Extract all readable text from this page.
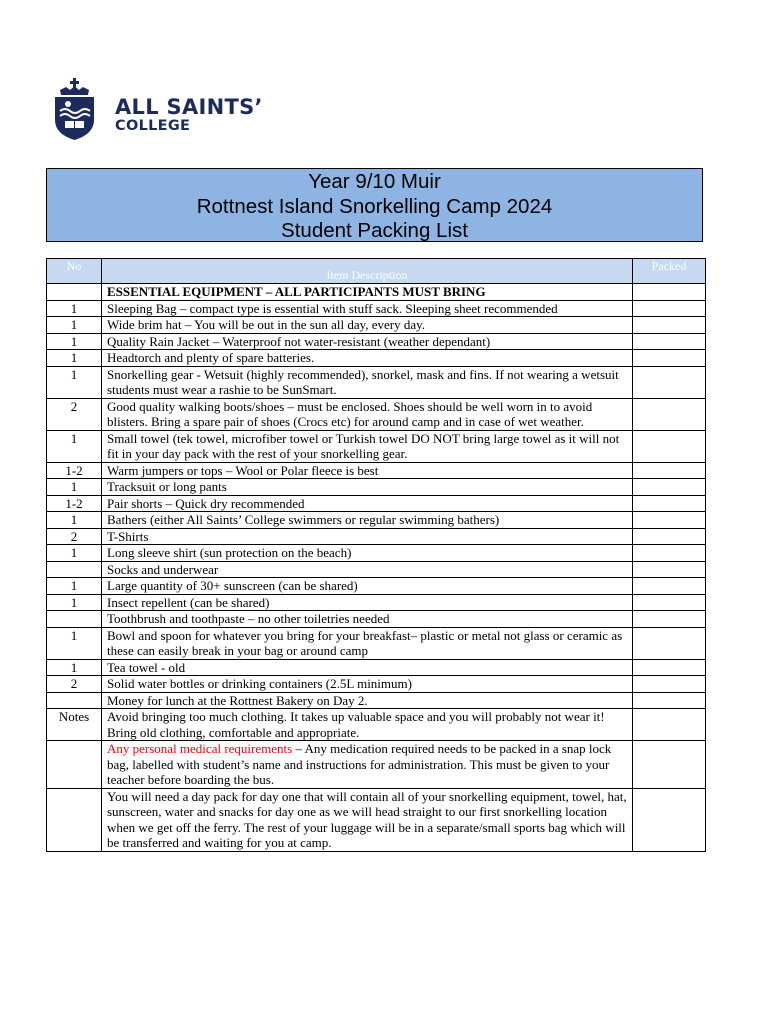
ALL SAINTS’
COLLEGE
Year 9/10 Muir
Rottnest Island Snorkelling Camp 2024
Student Packing List
No	Item Description	Packed
	ESSENTIAL EQUIPMENT – ALL PARTICIPANTS MUST BRING	
1	Sleeping Bag – compact type is essential with stuff sack. Sleeping sheet recommended	
1	Wide brim hat – You will be out in the sun all day, every day.	
1	Quality Rain Jacket – Waterproof not water-resistant (weather dependant)	
1	Headtorch and plenty of spare batteries.	
1	Snorkelling gear - Wetsuit (highly recommended), snorkel, mask and fins. If not wearing a wetsuit students must wear a rashie to be SunSmart.	
2	Good quality walking boots/shoes – must be enclosed. Shoes should be well worn in to avoid blisters. Bring a spare pair of shoes (Crocs etc) for around camp and in case of wet weather.	
1	Small towel (tek towel, microfiber towel or Turkish towel DO NOT bring large towel as it will not fit in your day pack with the rest of your snorkelling gear.	
1-2	Warm jumpers or tops – Wool or Polar fleece is best	
1	Tracksuit or long pants	
1-2	Pair shorts – Quick dry recommended	
1	Bathers (either All Saints’ College swimmers or regular swimming bathers)	
2	T-Shirts	
1	Long sleeve shirt (sun protection on the beach)	
	Socks and underwear	
1	Large quantity of 30+ sunscreen (can be shared)	
1	Insect repellent (can be shared)	
	Toothbrush and toothpaste – no other toiletries needed	
1	Bowl and spoon for whatever you bring for your breakfast– plastic or metal not glass or ceramic as these can easily break in your bag or around camp	
1	Tea towel - old	
2	Solid water bottles or drinking containers (2.5L minimum)	
	Money for lunch at the Rottnest Bakery on Day 2.	
Notes	Avoid bringing too much clothing. It takes up valuable space and you will probably not wear it! Bring old clothing, comfortable and appropriate.	
	Any personal medical requirements – Any medication required needs to be packed in a snap lock bag, labelled with student’s name and instructions for administration. This must be given to your teacher before boarding the bus.	
	You will need a day pack for day one that will contain all of your snorkelling equipment, towel, hat, sunscreen, water and snacks for day one as we will head straight to our first snorkelling location when we get off the ferry. The rest of your luggage will be in a separate/small sports bag which will be transferred and waiting for you at camp.	
